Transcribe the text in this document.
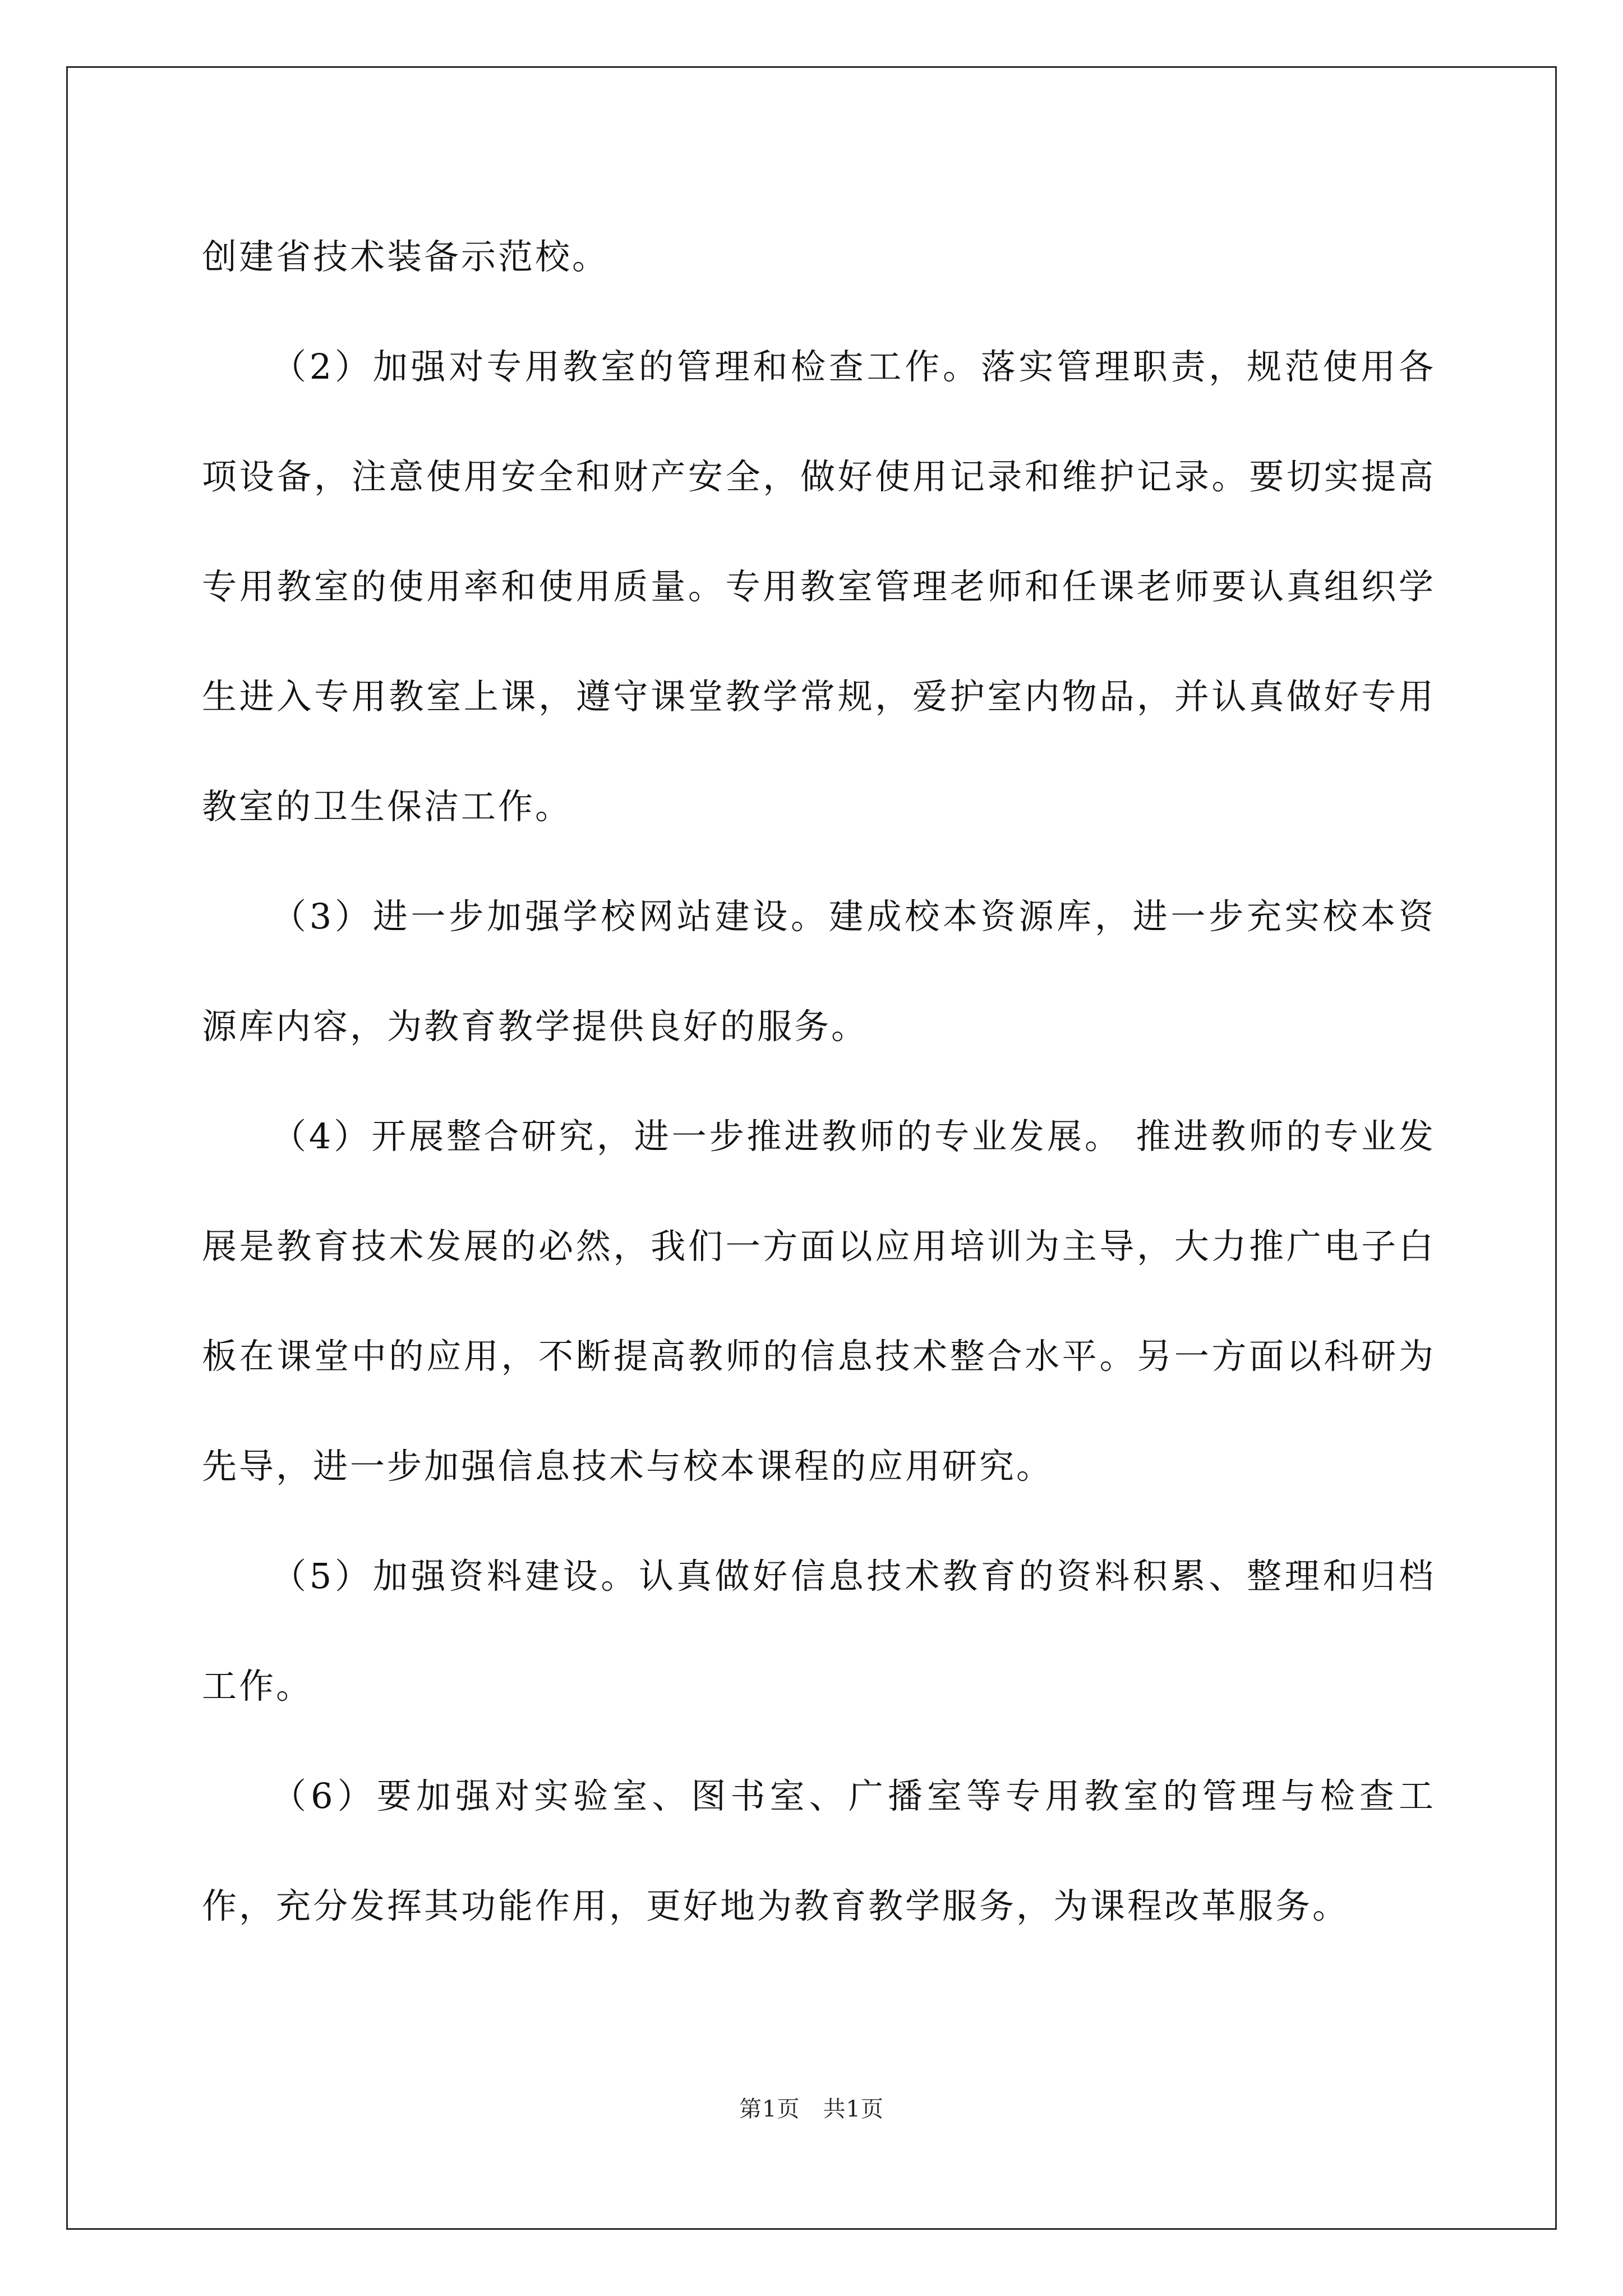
创建省技术装备示范校。

（2）加强对专用教室的管理和检查工作。落实管理职责，规范使用各项设备，注意使用安全和财产安全，做好使用记录和维护记录。要切实提高专用教室的使用率和使用质量。专用教室管理老师和任课老师要认真组织学生进入专用教室上课，遵守课堂教学常规，爱护室内物品，并认真做好专用教室的卫生保洁工作。

（3）进一步加强学校网站建设。建成校本资源库，进一步充实校本资源库内容，为教育教学提供良好的服务。

（4）开展整合研究，进一步推进教师的专业发展。 推进教师的专业发展是教育技术发展的必然，我们一方面以应用培训为主导，大力推广电子白板在课堂中的应用，不断提高教师的信息技术整合水平。另一方面以科研为先导，进一步加强信息技术与校本课程的应用研究。

（5）加强资料建设。认真做好信息技术教育的资料积累、整理和归档工作。

（6）要加强对实验室、图书室、广播室等专用教室的管理与检查工作，充分发挥其功能作用，更好地为教育教学服务，为课程改革服务。

第1页　共1页
